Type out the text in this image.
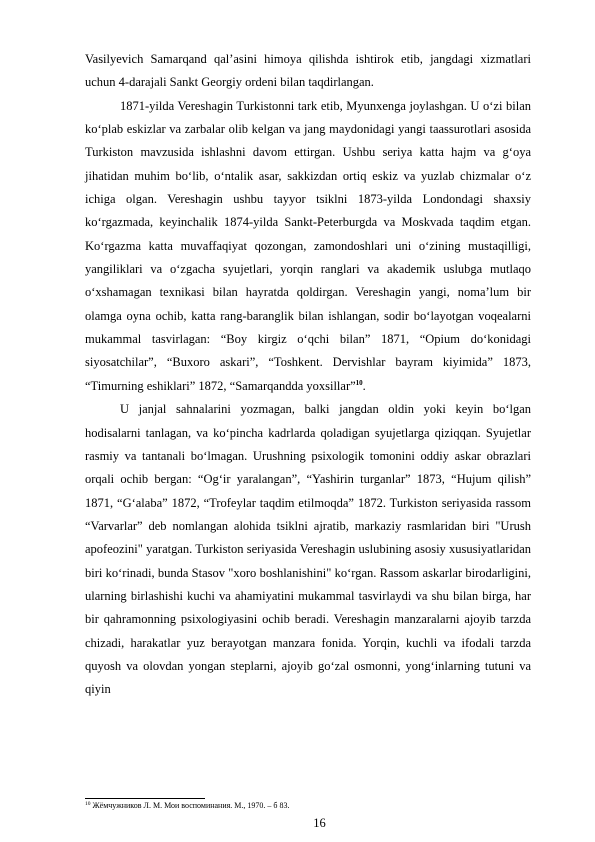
Vasilyevich Samarqand qal’asini himoya qilishda ishtirok etib, jangdagi xizmatlari uchun 4-darajali Sankt Georgiy ordeni bilan taqdirlangan.

1871-yilda Vereshagin Turkistonni tark etib, Myunxenga joylashgan. U o‘zi bilan ko‘plab eskizlar va zarbalar olib kelgan va jang maydonidagi yangi taassurotlari asosida Turkiston mavzusida ishlashni davom ettirgan. Ushbu seriya katta hajm va g‘oya jihatidan muhim bo‘lib, o‘ntalik asar, sakkizdan ortiq eskiz va yuzlab chizmalar o‘z ichiga olgan. Vereshagin ushbu tayyor tsiklni 1873-yilda Londondagi shaxsiy ko‘rgazmada, keyinchalik 1874-yilda Sankt-Peterburgda va Moskvada taqdim etgan. Ko‘rgazma katta muvaffaqiyat qozongan, zamondoshlari uni o‘zining mustaqilligi, yangiliklari va o‘zgacha syujetlari, yorqin ranglari va akademik uslubga mutlaqo o‘xshamagan texnikasi bilan hayratda qoldirgan. Vereshagin yangi, noma’lum bir olamga oyna ochib, katta rang-baranglik bilan ishlangan, sodir bo‘layotgan voqealarni mukammal tasvirlagan: “Boy kirgiz o‘qchi bilan” 1871, “Opium do‘konidagi siyosatchilar”, “Buxoro askari”, “Toshkent. Dervishlar bayram kiyimida” 1873, “Timurning eshiklari” 1872, “Samarqandda yoxsillar”$^{10}$.

U janjal sahnalarini yozmagan, balki jangdan oldin yoki keyin bo‘lgan hodisalarni tanlagan, va ko‘pincha kadrlarda qoladigan syujetlarga qiziqqan. Syujetlar rasmiy va tantanali bo‘lmagan. Urushning psixologik tomonini oddiy askar obrazlari orqali ochib bergan: “Og‘ir yaralangan”, “Yashirin turganlar” 1873, “Hujum qilish” 1871, “G‘alaba” 1872, “Trofeylar taqdim etilmoqda” 1872. Turkiston seriyasida rassom “Varvarlar” deb nomlangan alohida tsiklni ajratib, markaziy rasmlaridan biri "Urush apofeozini" yaratgan. Turkiston seriyasida Vereshagin uslubining asosiy xususiyatlaridan biri ko‘rinadi, bunda Stasov "xoro boshlanishini" ko‘rgan. Rassom askarlar birodarligini, ularning birlashishi kuchi va ahamiyatini mukammal tasvirlaydi va shu bilan birga, har bir qahramonning psixologiyasini ochib beradi. Vereshagin manzaralarni ajoyib tarzda chizadi, harakatlar yuz berayotgan manzara fonida. Yorqin, kuchli va ifodali tarzda quyosh va olovdan yongan steplarni, ajoyib go‘zal osmonni, yong‘inlarning tutuni va qiyin

$^{10}$ Жёмчужников Л. М. Мои воспоминания. М., 1970. – б 83.
16
